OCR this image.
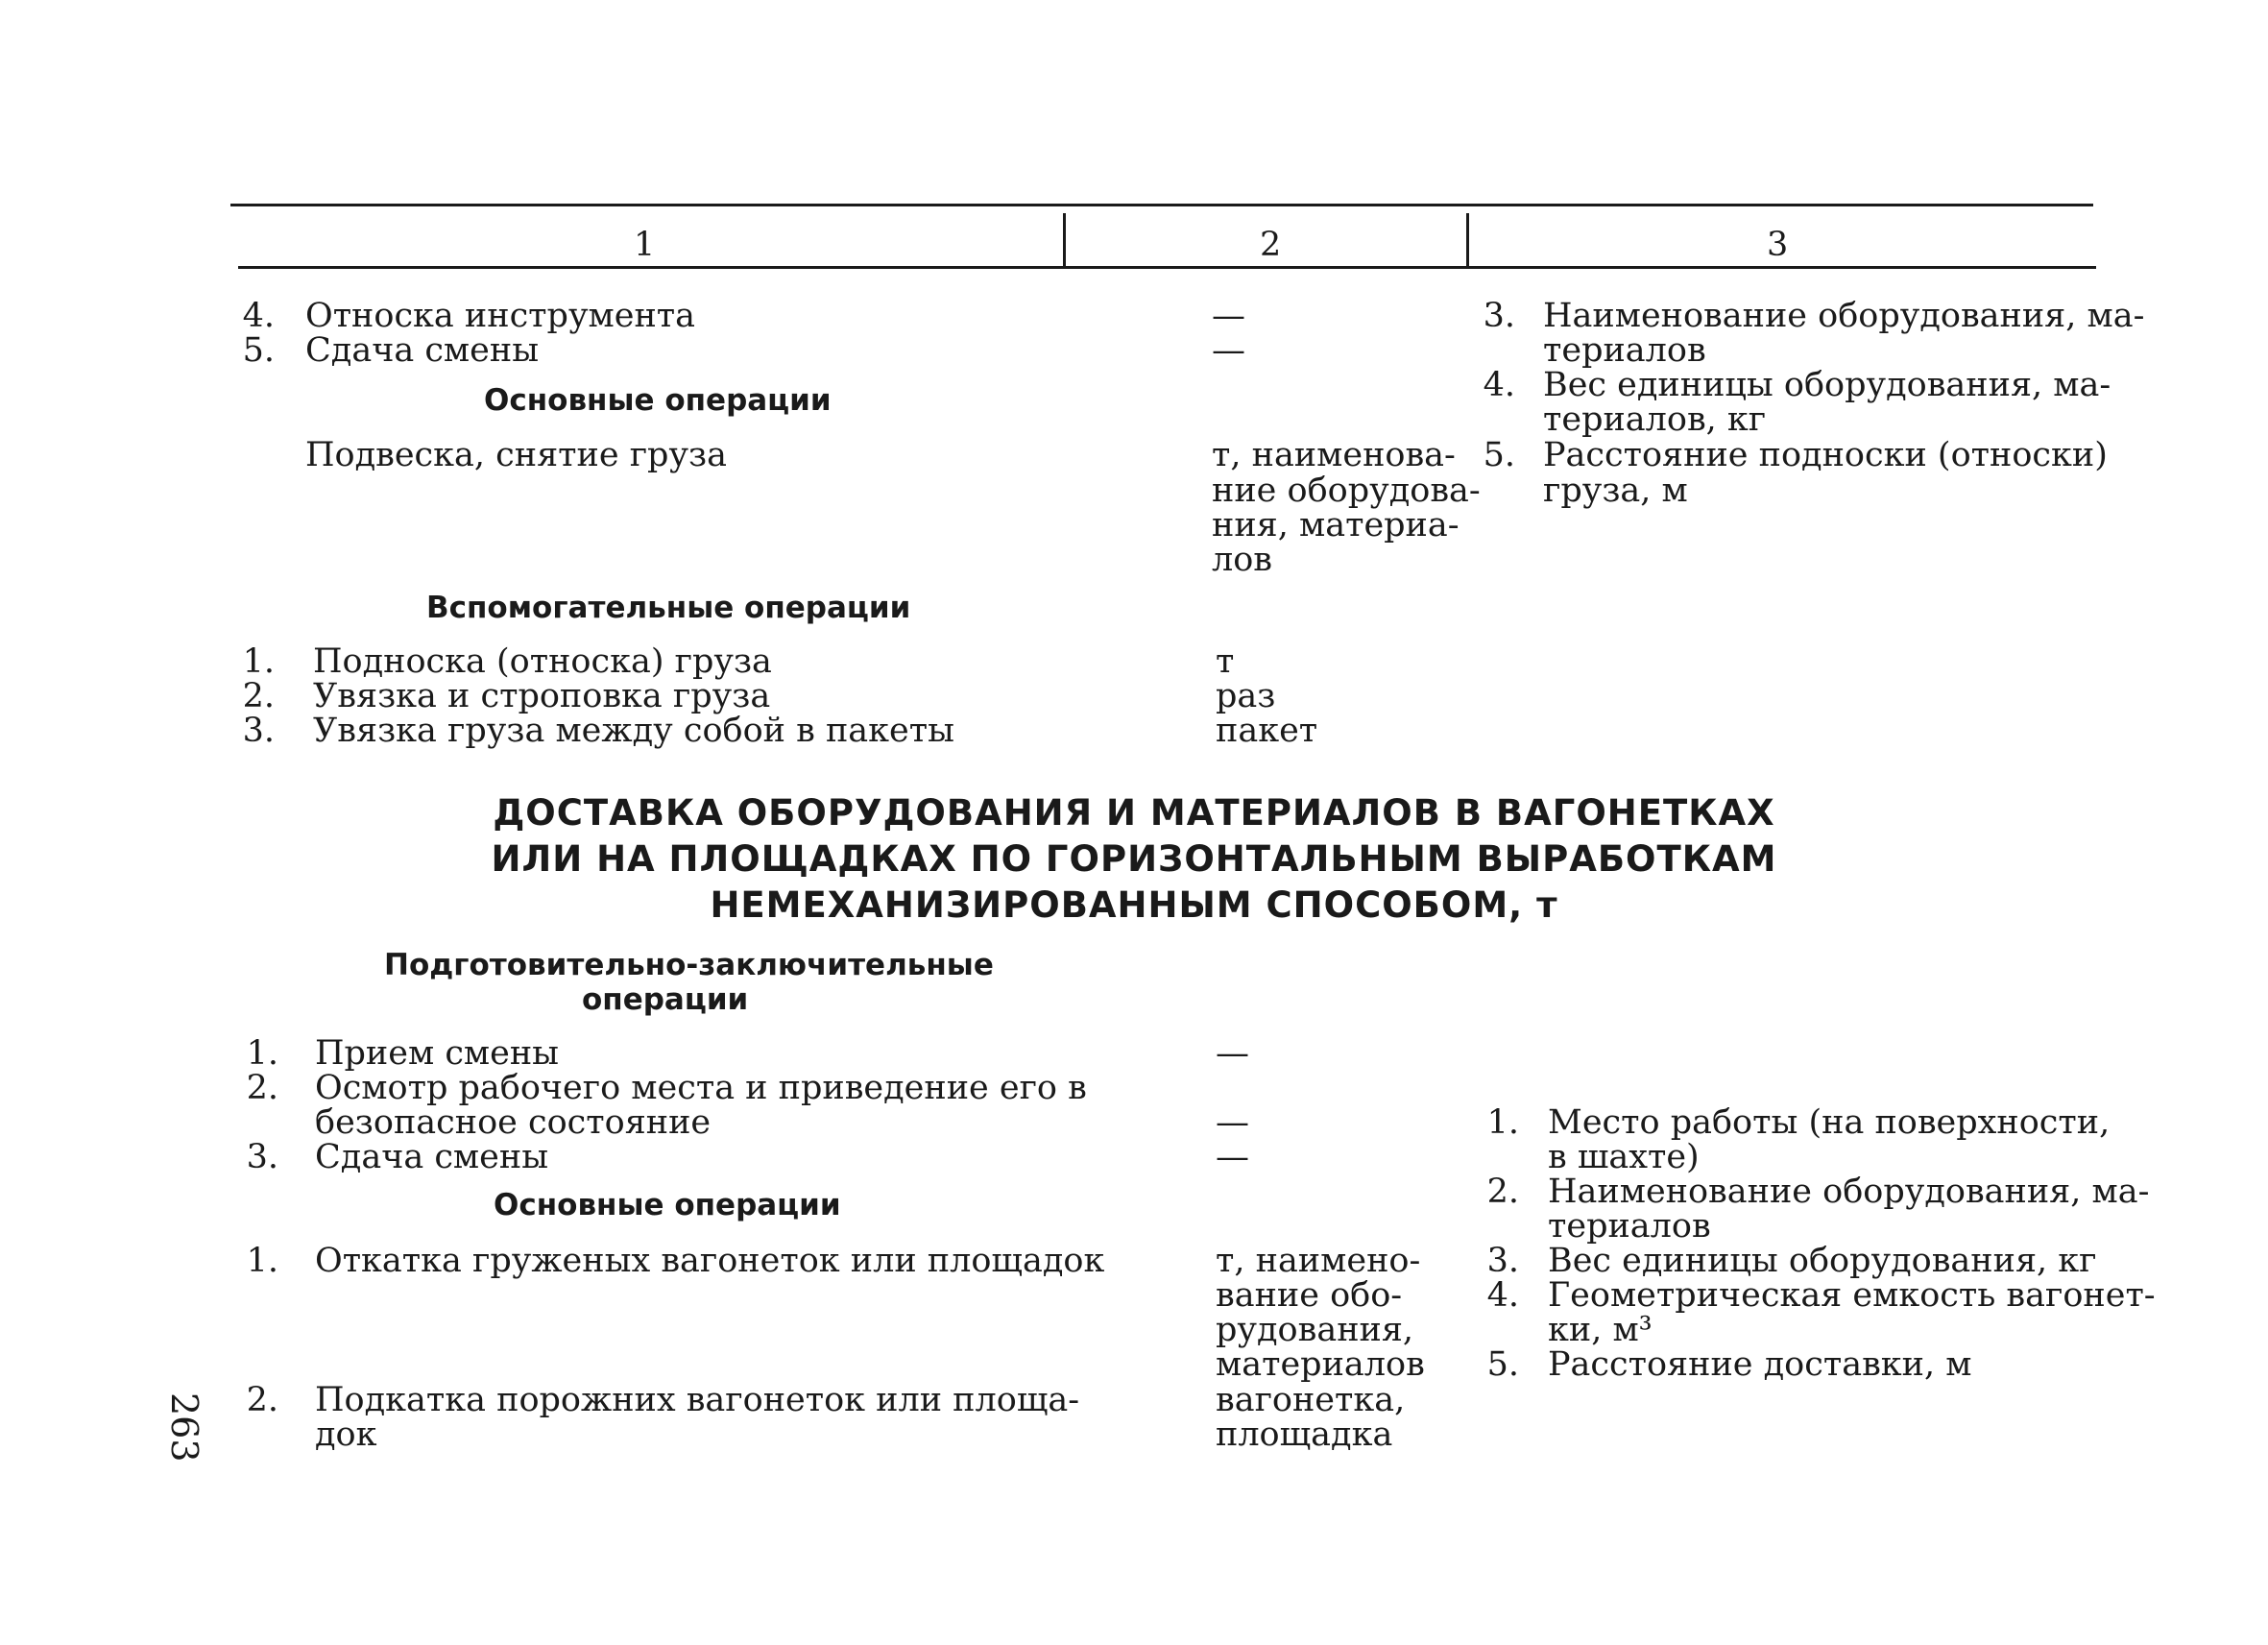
1	2	3
4. Относка инструмента
5. Сдача смены
Основные операции
Подвеска, снятие груза
Вспомогательные операции
1. Подноска (относка) груза
2. Увязка и строповка груза
3. Увязка груза между собой в пакеты
—
—
т, наименова-
ние оборудова-
ния, материа-
лов
т
раз
пакет
3. Наименование оборудования, ма-
териалов
4. Вес единицы оборудования, ма-
териалов, кг
5. Расстояние подноски (относки)
груза, м
ДОСТАВКА ОБОРУДОВАНИЯ И МАТЕРИАЛОВ В ВАГОНЕТКАХ
ИЛИ НА ПЛОЩАДКАХ ПО ГОРИЗОНТАЛЬНЫМ ВЫРАБОТКАМ
НЕМЕХАНИЗИРОВАННЫМ СПОСОБОМ, т
Подготовительно-заключительные
операции
1. Прием смены
2. Осмотр рабочего места и приведение его в
безопасное состояние
3. Сдача смены
Основные операции
1. Откатка груженых вагонеток или площадок
2. Подкатка порожних вагонеток или площа-
док
—
—
—
т, наимено-
вание обо-
рудования,
материалов
вагонетка,
площадка
1. Место работы (на поверхности,
в шахте)
2. Наименование оборудования, ма-
териалов
3. Вес единицы оборудования, кг
4. Геометрическая емкость вагонет-
ки, м³
5. Расстояние доставки, м
263
